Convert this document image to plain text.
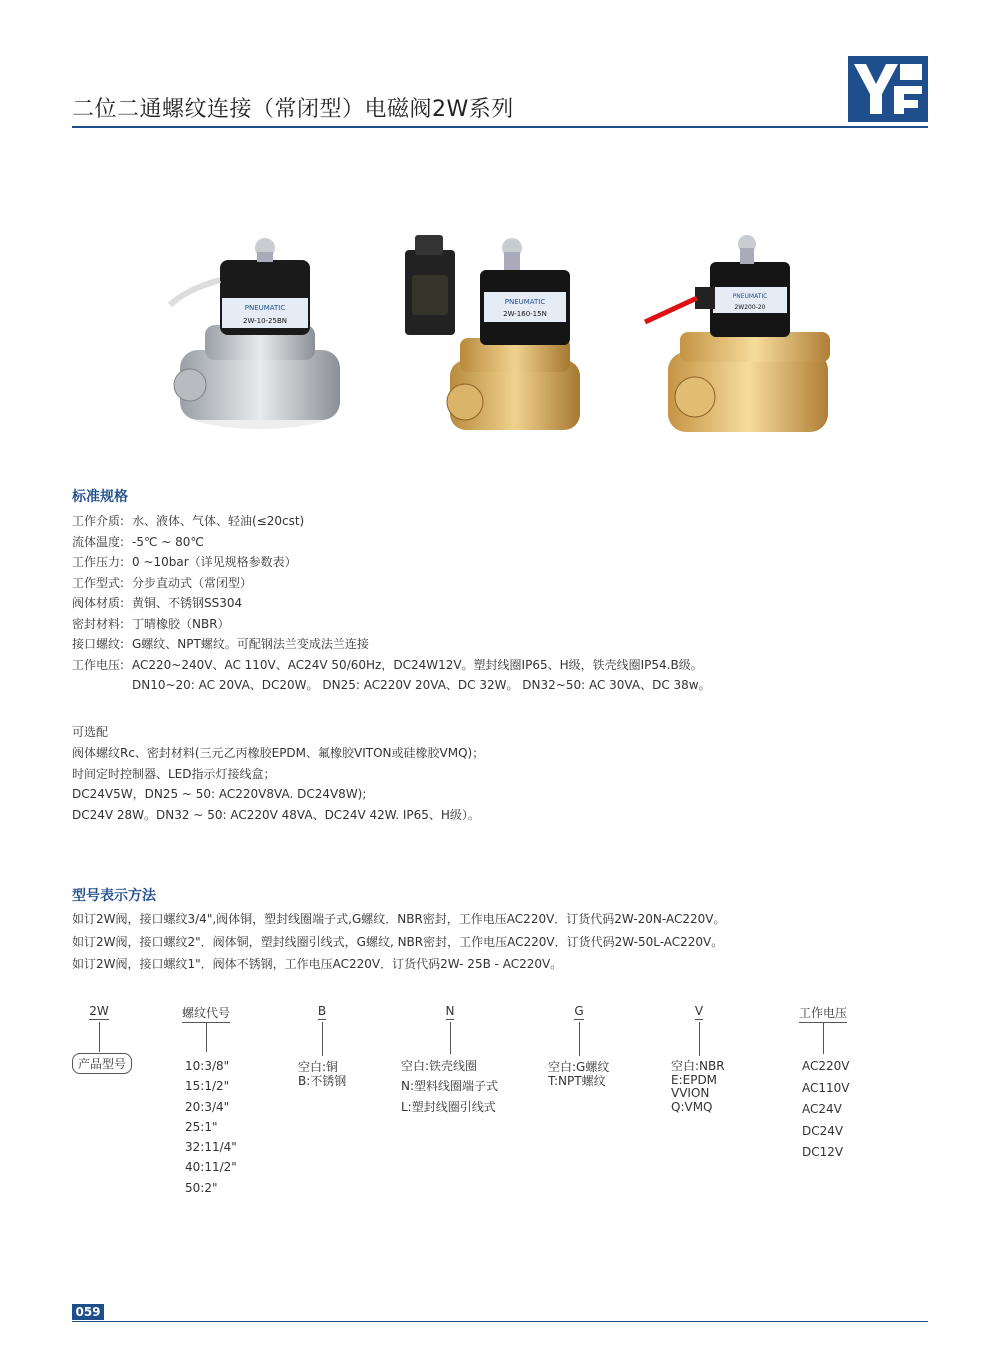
二位二通螺纹连接（常闭型）电磁阀2W系列
PNEUMATIC
2W-10-25BN
PNEUMATIC
2W-160-15N
PNEUMATIC
2W200-20
标准规格
工作介质: 水、液体、气体、轻油(≤20cst)
流体温度: -5℃ ~ 80℃
工作压力: 0 ~10bar（详见规格参数表）
工作型式: 分步直动式（常闭型）
阀体材质: 黄铜、不锈钢SS304
密封材料: 丁晴橡胶（NBR）
接口螺纹: G螺纹、NPT螺纹。可配钢法兰变成法兰连接
工作电压: AC220~240V、AC 110V、AC24V 50/60Hz，DC24W12V。塑封线圈IP65、H级，铁壳线圈IP54.B级。
DN10~20: AC 20VA、DC20W。 DN25: AC220V 20VA、DC 32W。 DN32~50: AC 30VA、DC 38w。
可选配
阀体螺纹Rc、密封材料(三元乙丙橡胶EPDM、氟橡胶VITON或硅橡胶VMQ)；
时间定时控制器、LED指示灯接线盒；
DC24V5W，DN25 ~ 50: AC220V8VA. DC24V8W);
DC24V 28W。DN32 ~ 50: AC220V 48VA、DC24V 42W. IP65、H级）。
型号表示方法
如订2W阀，接口螺纹3/4",阀体铜，塑封线圈端子式,G螺纹．NBR密封，工作电压AC220V．订货代码2W-20N-AC220V。
如订2W阀，接口螺纹2"．阀体铜，塑封线圈引线式，G螺纹, NBR密封，工作电压AC220V．订货代码2W-50L-AC220V。
如订2W阀，接口螺纹1"．阀体不锈钢，工作电压AC220V．订货代码2W- 25B - AC220V。
2W
产品型号
螺纹代号
10:3/8"
15:1/2"
20:3/4"
25:1"
32:11/4"
40:11/2"
50:2"
B
空白:铜
B:不锈钢
N
空白:铁壳线圈
N:塑料线圈端子式
L:塑封线圈引线式
G
空白:G螺纹
T:NPT螺纹
V
空白:NBR
E:EPDM
VVION
Q:VMQ
工作电压
AC220V
AC110V
AC24V
DC24V
DC12V
059
